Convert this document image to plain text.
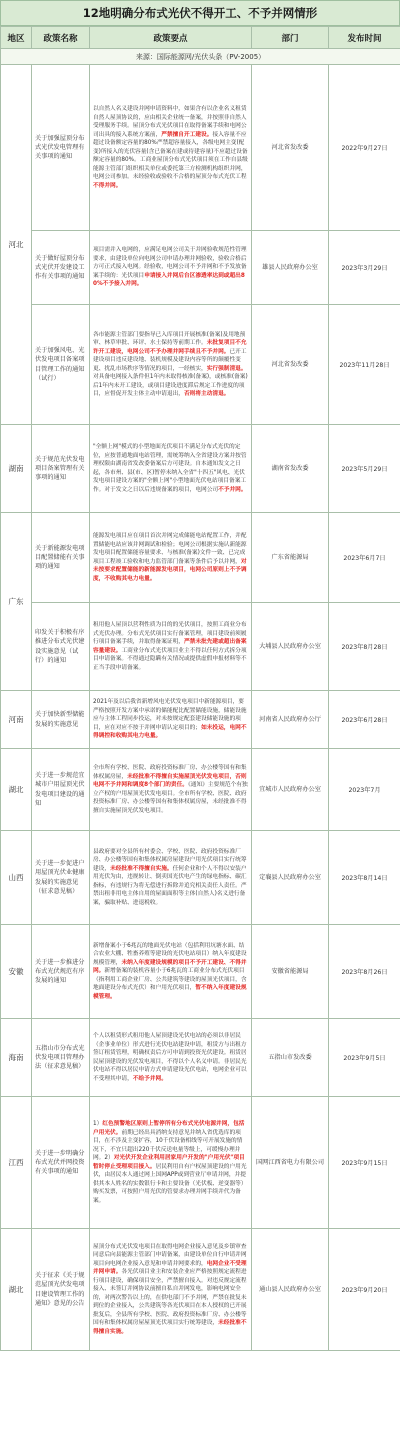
12地明确分布式光伏不得开工、不予并网情形
地区	政策名称	政策要点	部门	发布时间
来源：国际能源网/光伏头条（PV-2005）				
河北	关于加强屋顶分布式光伏发电管理有关事项的通知	以自然人名义建设并网申请资料中，如果含有以企业名义租赁自然人屋顶协议的，应由相关企业统一备案，并按照非自然人受理服务手续。屋顶分布式光伏项目在取得备案手续和电网公司出具的接入系统方案前，严禁擅自开工建设。接入容量不应超过设备额定容量的80%严禁超容量接入，各级电网主变(配变)所接入的光伏容量(含已备案在建或待建容量)不应超过设备额定容量的80%。工商业屋顶分布式光伏项目须在工作自县级能源主管部门组织相关单位或委托第三方检测机构组织并网，电网公司参加。未经验收或验收不合格的屋顶分布式光伏工程不得并网。	河北省发改委	2022年9月27日
	关于做好屋顶分布式光伏开发建设工作有关事项的通知	项目需并入电网的，应满足电网公司关于并网验收规范性管理要求，由建设单位向电网公司申请办理并网验收，验收合格后方可正式接入电网。经验收，电网公司不予并网和不予发放备案手续的：光伏项目申请接入并网后台区渗透率达到或超出80%不予接入并网。	雄县人民政府办公室	2023年3月29日
	关于加强风电、光伏发电项目备案项目管理工作的通知（试行）	各市能源主管部门要指导已入库项目开展核准(备案)及用地预审、林草审批、环评、水土保持等前期工作。未批复项目不允许开工建设，电网公司不予办理并网手续且不予并网。已开工建设项目违反建设地、装机规模及建设内容等所的颠覆性变更、扰乱市场秩序等情况的项目，一经核实，实行强制清退。对具备电网接入条件但1年内未取得核准(备案)，或核准(备案)后1年内未开工建设，或项目建设进度滞后规定工作进度的项目，应督促开发主体主动申请退出，否则将主动清退。	河北省发改委	2023年11月28日
湖南	关于规范光伏发电项目备案管理有关事项的通知	"全额上网"模式的小型地面光伏项目不满足分布式光伏的定位，应按普通地面电站管理，需统筹纳入全省建设方案并按管理权限由湖南省发改委备案后方可建设。自本通知发文之日起，各市州、县(市、区)暂停未纳入全省"十四五"风电、光伏发电项目建设方案的"全额上网"小型地面光伏电站项目备案工作。对于发文之日以后违规备案的项目，电网公司不予并网。	湖南省发改委	2023年5月29日
广东	关于新能源发电项目配置储能有关事项的通知	能源发电项目应在项目首次并网完成储能电站配置工作，并配置储能电站应该并网调试和检验；电网公司根据实施认新能源发电项目配置储能容量要求、与核准(备案)文件一致、已完成项目工程竣工验收和电力监管部门备案等条件后予以并网，对未按要求配置储能的新能源发电项目，电网公司原则上不予调度，不收购其电力电量。	广东省能源局	2023年6月7日
	印发关于积极有序推进分布式光伏建设实施意见（试行）的通知	租用他人屋顶以营利性质为目的的光伏项目，按照工商业分布式光伏办理。分布式光伏项目实行备案管理，项目建设前须履行项目备案手续，并取得备案证明，严禁未批先建或超出备案容量建设。工商业分布式光伏项目业主不得以任何方式拆分项目申请备案。不得通过隐瞒有关情况或提供虚假申报材料等不正当手段申请备案。	大埔县人民政府办公室	2023年8月28日
河南	关于加快新型储能发展的实施意见	2021年及以后我省新增风电光伏发电项目中新能源项目，要严格按照开发方案中承诺的储能配比配置储能设施，储能设施应与主体工程同步投运，对未按规定配套建设储能设施的项目，应在对应不按于并网申请认定项目的；如未投运，电网不得调控和收购其电力电量。	河南省人民政府办公厅	2023年6月28日
湖北	关于进一步规范宜城市户用屋顶光伏发电项目建设的通知	全市所有学校、医院、政府投资标准厂房、办公楼等国有和集体权属房屋，未经批准不得擅自实施屋顶光伏发电项目，否则电网不予并网和调度8个部门的责任。《通知》主要规范个有独立产权的户用屋顶光伏发电项目。全市所有学校、医院、政府投资标准厂房、办公楼等国有和集体权属房屋，未经批准不得擅自实施屋顶光伏发电项目。	宜城市人民政府办公室	2023年7月
山西	关于进一步促进户用屋顶光伏业健康发展的实施意见（征求意见稿）	县政府要对全县所有村委会、学校、医院、政府投资标准厂房、办公楼等国有和集体权属房屋建设户用光伏项目实行统筹建设，未经批准不得擅自实施。任何企业和个人不得以安装户用光伏为由，违规转让、倒卖国光伏电产生的绿电指标、碳汇指标，有违规行为将无偿进行拆除并追究相关责任人责任。严禁出租非用电主体自用的屋面面积等主体(自然人)名义进行备案，骗取补贴、进退税收。	定襄县人民政府办公室	2023年8月14日
安徽	关于进一步推进分布式光伏规范有序发展的通知	新增备案小于6兆瓦的地面光伏电站（包括利用坑塘水面、结合农业大棚、牲畜养殖等建设的光伏电站项目）纳入年度建设规模管理，未纳入年度建设规模的项目不予开工建设、不得并网。新增备案的装机容量小于6兆瓦的工商业分布式光伏项目（指利用工商企业厂房、公共建筑等建设的屋顶光伏项目，含地面建设分布式光伏）和户用光伏项目，暂不纳入年度建设规模管理。	安徽省能源局	2023年8月26日
海南	五指山市分布式光伏发电项目管理办法（征求意见稿）	个人以租赁形式租用他人屋顶建设光伏电站的必须以非居民（企事业单位）形式进行光伏电站建设申请，租赁方与出租方签订租赁管理，明确权责后方可申请到投资光伏建设。租赁居民屋顶建设的光伏发电项目，不得以个人名义申请。非居民光伏电站不得以居民申请方式申请建设光伏电站，电网企业可以不受理其申请，不给予并网。	五指山市发改委	2023年9月5日
江西	关于进一步明确分布式光伏并网投资有关事项的通知	1）红色预警地区原则上暂停所有分布式光伏电源并网，包括户用光伏。前期已经出具消纳支持意见并纳入省优选库的项目，在不涉及主变扩容，10千伏设备相线等可开展发施的情况下，不宜只超出220千伏反送电量等级上，可缓慢办理并网。2）对光伏开发企业利用居家用户开发的"户用光伏"项目暂时停止受理项目接入。居民利用自有户权屋顶建设的户用光伏，由居民本人通过网上国网APP或到营业厅申请并网，并提供其本人姓名的实数银行卡和主要设备（光伏板、逆变器等）购买发票，可按照户用光伏的管要求办理并网手续并代为备案。	国网江西省电力有限公司	2023年9月15日
湖北	关于征求《关于规范屋顶光伏发电项目建设管理工作的通知》意见的公告	屋顶分布式光伏发电项目在取得电网企业接入意见及乡镇审查同意后向县能源主管部门申请备案，由建设单位自行申请并网项目向电网企业接入意见和申请并网要求的，电网企业不受理并网申请。各光伏项目业主和安装企业应严格按照规定流程进行项目建设，确保项目安全，严禁擅自接入。对违反规定流程接入、未签订并网协议前擅自私自并网发电，影响电网安全的，对两次警告以上的，在供电部门不予并网，严禁在批复未到位的企业接入，公共建筑等各光伏项目在本人授权的已开展批复后，全县所有学校、医院、政府投资标准厂房、办公楼等国有和集体权属房屋屋顶光伏项目实行统筹建设，未经批准不得擅自实施。	通山县人民政府办公室	2023年9月20日
